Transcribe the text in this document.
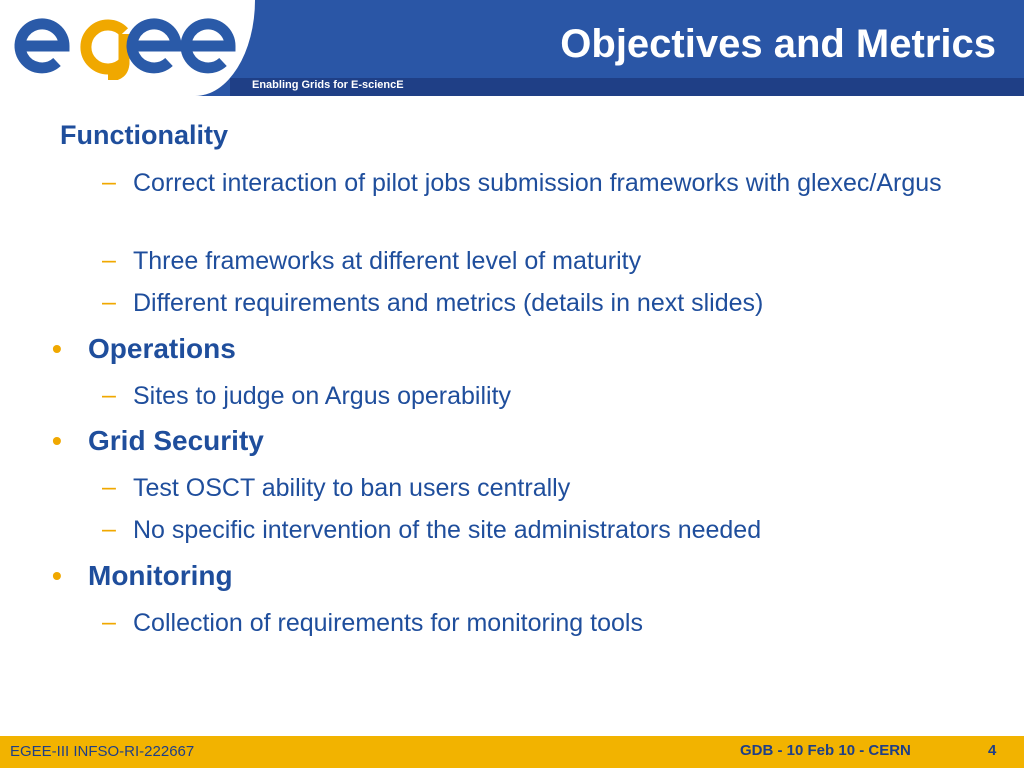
Enabling Grids for E-sciencE
Objectives and Metrics
Functionality
– Correct interaction of pilot jobs submission frameworks with glexec/Argus
– Three frameworks at different level of maturity
– Different requirements and metrics (details in next slides)
• Operations
– Sites to judge on Argus operability
• Grid Security
– Test OSCT ability to ban users centrally
– No specific intervention of the site administrators needed
• Monitoring
– Collection of requirements for monitoring tools
EGEE-III INFSO-RI-222667	GDB - 10 Feb 10 - CERN	4
